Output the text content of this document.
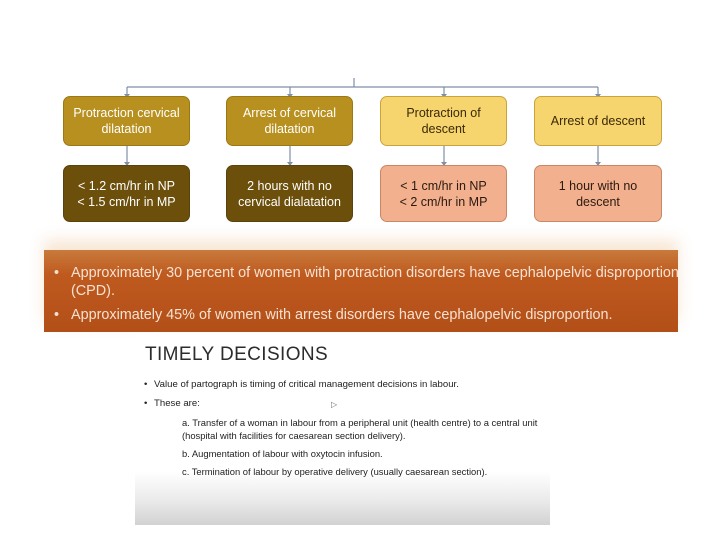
Protraction cervical
dilatation
Arrest of cervical
dilatation
Protraction of
descent
Arrest of descent
< 1.2 cm/hr in NP
< 1.5 cm/hr in MP
2 hours with no
cervical dialatation
< 1 cm/hr in NP
< 2 cm/hr in MP
1 hour with no
descent
• Approximately 30 percent of women with protraction disorders have cephalopelvic disproportion (CPD).
• Approximately 45% of women with arrest disorders have cephalopelvic disproportion.
TIMELY DECISIONS
• Value of partograph is timing of critical management decisions in labour.
• These are:	▷
a. Transfer of a woman in labour from a peripheral unit (health centre) to a central unit (hospital with facilities for caesarean section delivery).
b. Augmentation of labour with oxytocin infusion.
c. Termination of labour by operative delivery (usually caesarean section).
